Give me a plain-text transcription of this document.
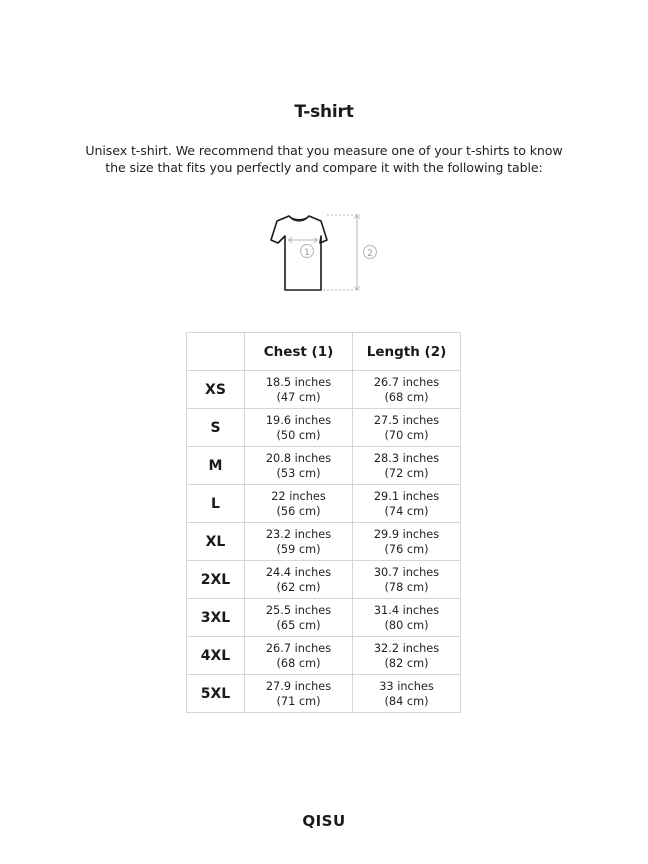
T-shirt
Unisex t-shirt. We recommend that you measure one of your t-shirts to know
the size that fits you perfectly and compare it with the following table:
1	2
	Chest (1)	Length (2)
XS	18.5 inches
(47 cm)	26.7 inches
(68 cm)

S	19.6 inches
(50 cm)	27.5 inches
(70 cm)

M	20.8 inches
(53 cm)	28.3 inches
(72 cm)

L	22 inches
(56 cm)	29.1 inches
(74 cm)

XL	23.2 inches
(59 cm)	29.9 inches
(76 cm)

2XL	24.4 inches
(62 cm)	30.7 inches
(78 cm)

3XL	25.5 inches
(65 cm)	31.4 inches
(80 cm)

4XL	26.7 inches
(68 cm)	32.2 inches
(82 cm)

5XL	27.9 inches
(71 cm)	33 inches
(84 cm)
QISU
